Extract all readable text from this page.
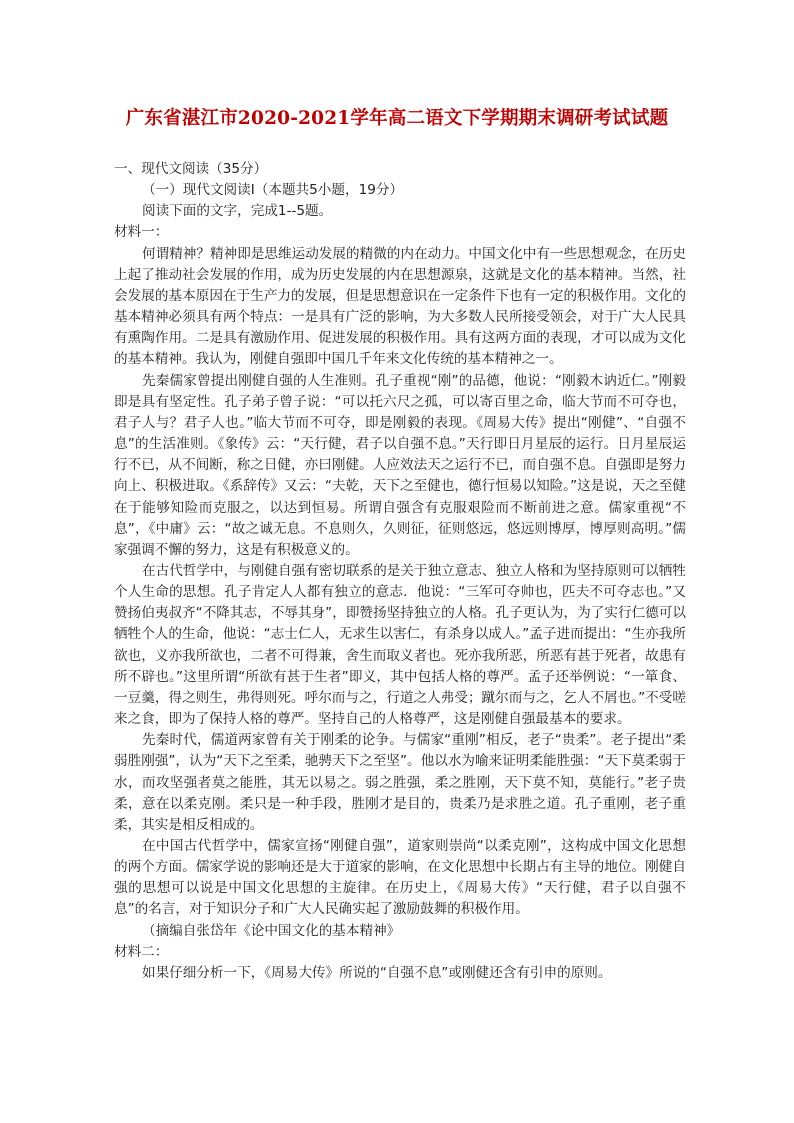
广东省湛江市2020-2021学年高二语文下学期期末调研考试试题

一、现代文阅读（35分）

（一）现代文阅读Ⅰ（本题共5小题，19分）

阅读下面的文字，完成1--5题。

材料一：

何谓精神？精神即是思维运动发展的精微的内在动力。中国文化中有一些思想观念，在历史上起了推动社会发展的作用，成为历史发展的内在思想源泉，这就是文化的基本精神。当然，社会发展的基本原因在于生产力的发展，但是思想意识在一定条件下也有一定的积极作用。文化的基本精神必须具有两个特点：一是具有广泛的影响，为大多数人民所接受领会，对于广大人民具有熏陶作用。二是具有激励作用、促进发展的积极作用。具有这两方面的表现，才可以成为文化的基本精神。我认为，刚健自强即中国几千年来文化传统的基本精神之一。

先秦儒家曾提出刚健自强的人生准则。孔子重视“刚”的品德，他说：“刚毅木讷近仁。”刚毅即是具有坚定性。孔子弟子曾子说：“可以托六尺之孤，可以寄百里之命，临大节而不可夺也，君子人与？君子人也。”临大节而不可夺，即是刚毅的表现。《周易大传》提出“刚健”、“自强不息”的生活准则。《象传》云：“天行健，君子以自强不息。”天行即日月星辰的运行。日月星辰运行不已，从不间断，称之日健，亦曰刚健。人应效法天之运行不已，而自强不息。自强即是努力向上、积极进取。《系辞传》又云：“夫乾，天下之至健也，德行恒易以知险。”这是说，天之至健在于能够知险而克服之，以达到恒易。所谓自强含有克服艰险而不断前进之意。儒家重视“不息”，《中庸》云：“故之诚无息。不息则久，久则征，征则悠远，悠远则博厚，博厚则高明。”儒家强调不懈的努力，这是有积极意义的。

在古代哲学中，与刚健自强有密切联系的是关于独立意志、独立人格和为坚持原则可以牺牲个人生命的思想。孔子肯定人人都有独立的意志．他说：“三军可夺帅也，匹夫不可夺志也。”又赞扬伯夷叔齐“不降其志，不辱其身”，即赞扬坚持独立的人格。孔子更认为，为了实行仁德可以牺牲个人的生命，他说：“志士仁人，无求生以害仁，有杀身以成人。”孟子进而提出：“生亦我所欲也，义亦我所欲也，二者不可得兼，舍生而取义者也。死亦我所恶，所恶有甚于死者，故患有所不辟也。”这里所谓“所欲有甚于生者”即义，其中包括人格的尊严。孟子还举例说：“一箪食、一豆羹，得之则生，弗得则死。呼尔而与之，行道之人弗受；蹴尔而与之，乞人不屑也。”不受嗟来之食，即为了保持人格的尊严。坚持自己的人格尊严，这是刚健自强最基本的要求。

先秦时代，儒道两家曾有关于刚柔的论争。与儒家“重刚”相反，老子“贵柔”。老子提出“柔弱胜刚强”，认为“天下之至柔，驰骋天下之至坚”。他以水为喻来证明柔能胜强：“天下莫柔弱于水，而攻坚强者莫之能胜，其无以易之。弱之胜强，柔之胜刚，天下莫不知，莫能行。”老子贵柔，意在以柔克刚。柔只是一种手段，胜刚才是目的，贵柔乃是求胜之道。孔子重刚，老子重柔，其实是相反相成的。

在中国古代哲学中，儒家宣扬“刚健自强”，道家则崇尚“以柔克刚”，这构成中国文化思想的两个方面。儒家学说的影响还是大于道家的影响，在文化思想中长期占有主导的地位。刚健自强的思想可以说是中国文化思想的主旋律。在历史上，《周易大传》“天行健，君子以自强不息”的名言，对于知识分子和广大人民确实起了激励鼓舞的积极作用。

（摘编自张岱年《论中国文化的基本精神》

材料二：

如果仔细分析一下，《周易大传》所说的“自强不息”或刚健还含有引申的原则。
